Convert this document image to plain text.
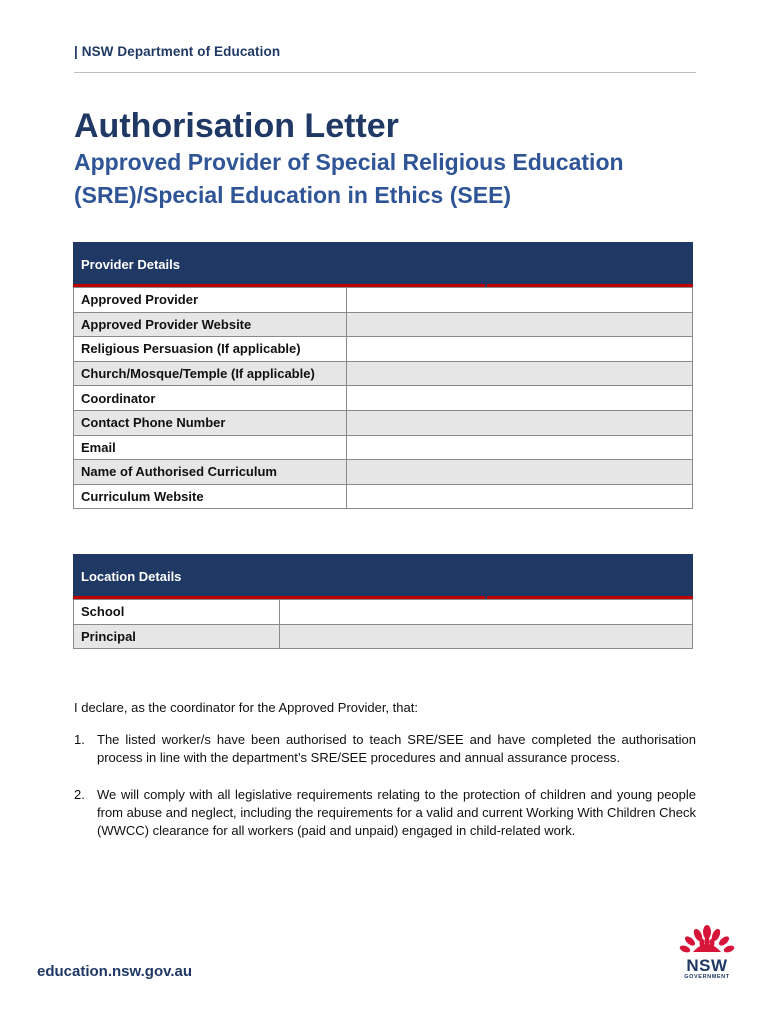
| NSW Department of Education
Authorisation Letter
Approved Provider of Special Religious Education
(SRE)/Special Education in Ethics (SEE)
Provider Details
Approved Provider	
Approved Provider Website	
Religious Persuasion (If applicable)	
Church/Mosque/Temple (If applicable)	
Coordinator	
Contact Phone Number	
Email	
Name of Authorised Curriculum	
Curriculum Website	
Location Details
School	
Principal	
I declare, as the coordinator for the Approved Provider, that:
1. The listed worker/s have been authorised to teach SRE/SEE and have completed the authorisation process in line with the department’s SRE/SEE procedures and annual assurance process.
2. We will comply with all legislative requirements relating to the protection of children and young people from abuse and neglect, including the requirements for a valid and current Working With Children Check (WWCC) clearance for all workers (paid and unpaid) engaged in child-related work.
education.nsw.gov.au	NSW
GOVERNMENT
